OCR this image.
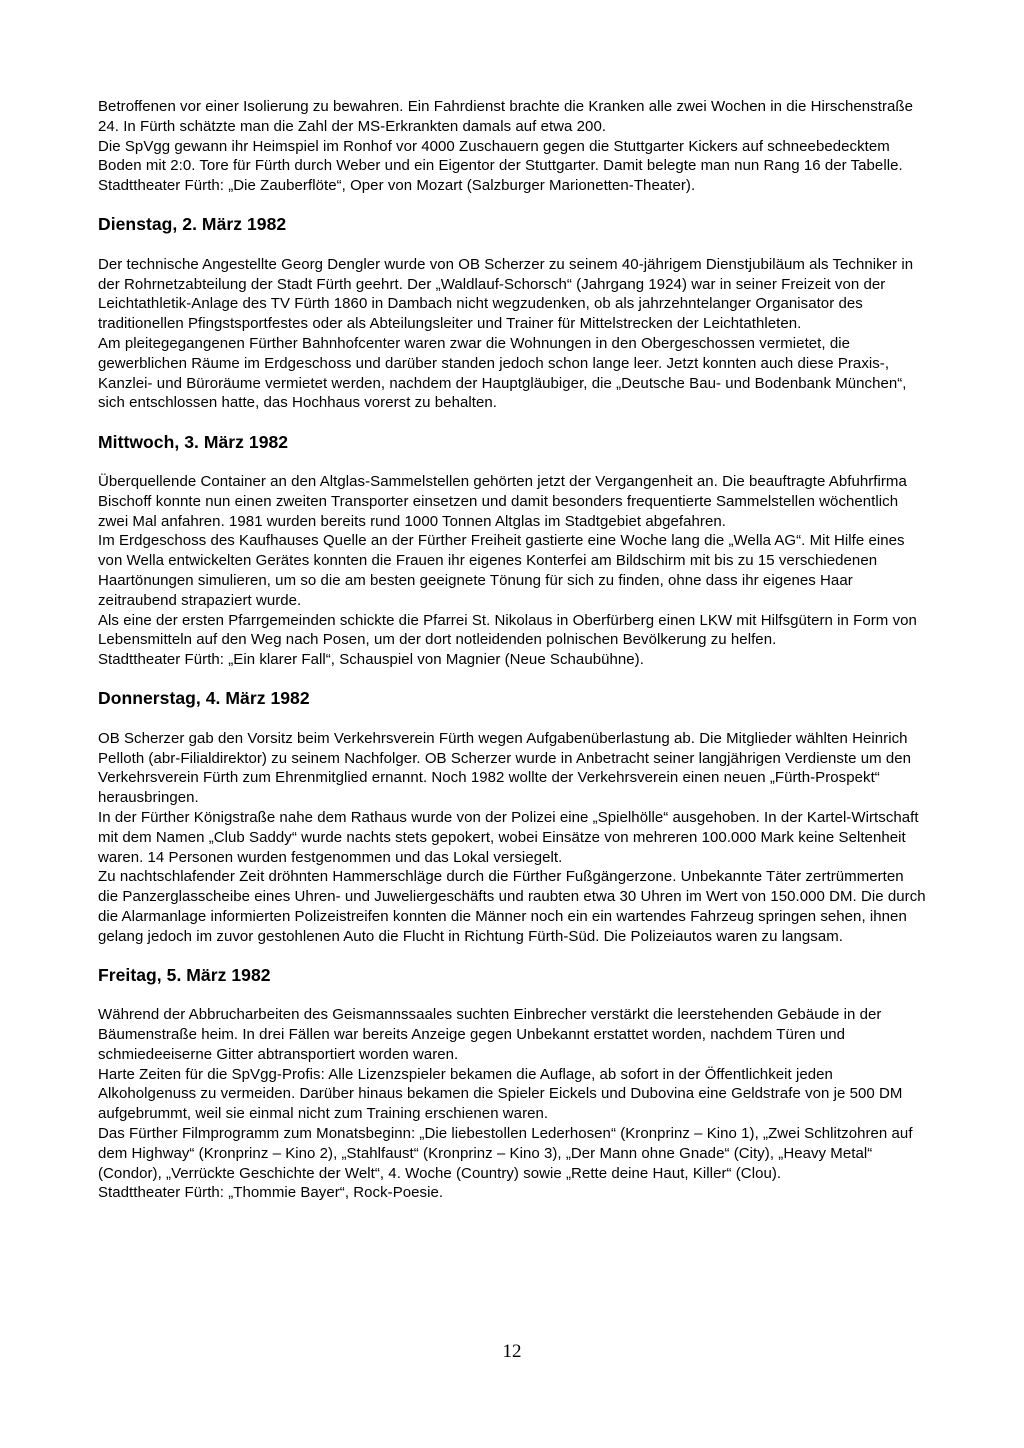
Betroffenen vor einer Isolierung zu bewahren. Ein Fahrdienst brachte die Kranken alle zwei Wochen in die Hirschenstraße 24. In Fürth schätzte man die Zahl der MS-Erkrankten damals auf etwa 200.

Die SpVgg gewann ihr Heimspiel im Ronhof vor 4000 Zuschauern gegen die Stuttgarter Kickers auf schneebedecktem Boden mit 2:0. Tore für Fürth durch Weber und ein Eigentor der Stuttgarter. Damit belegte man nun Rang 16 der Tabelle.

Stadttheater Fürth: „Die Zauberflöte“, Oper von Mozart (Salzburger Marionetten-Theater).

Dienstag, 2. März 1982

Der technische Angestellte Georg Dengler wurde von OB Scherzer zu seinem 40-jährigem Dienstjubiläum als Techniker in der Rohrnetzabteilung der Stadt Fürth geehrt. Der „Waldlauf-Schorsch“ (Jahrgang 1924) war in seiner Freizeit von der Leichtathletik-Anlage des TV Fürth 1860 in Dambach nicht wegzudenken, ob als jahrzehntelanger Organisator des traditionellen Pfingstsportfestes oder als Abteilungsleiter und Trainer für Mittelstrecken der Leichtathleten.

Am pleitegegangenen Fürther Bahnhofcenter waren zwar die Wohnungen in den Obergeschossen vermietet, die gewerblichen Räume im Erdgeschoss und darüber standen jedoch schon lange leer. Jetzt konnten auch diese Praxis-, Kanzlei- und Büroräume vermietet werden, nachdem der Hauptgläubiger, die „Deutsche Bau- und Bodenbank München“, sich entschlossen hatte, das Hochhaus vorerst zu behalten.

Mittwoch, 3. März 1982

Überquellende Container an den Altglas-Sammelstellen gehörten jetzt der Vergangenheit an. Die beauftragte Abfuhrfirma Bischoff konnte nun einen zweiten Transporter einsetzen und damit besonders frequentierte Sammelstellen wöchentlich zwei Mal anfahren. 1981 wurden bereits rund 1000 Tonnen Altglas im Stadtgebiet abgefahren.

Im Erdgeschoss des Kaufhauses Quelle an der Fürther Freiheit gastierte eine Woche lang die „Wella AG“. Mit Hilfe eines von Wella entwickelten Gerätes konnten die Frauen ihr eigenes Konterfei am Bildschirm mit bis zu 15 verschiedenen Haartönungen simulieren, um so die am besten geeignete Tönung für sich zu finden, ohne dass ihr eigenes Haar zeitraubend strapaziert wurde.

Als eine der ersten Pfarrgemeinden schickte die Pfarrei St. Nikolaus in Oberfürberg einen LKW mit Hilfsgütern in Form von Lebensmitteln auf den Weg nach Posen, um der dort notleidenden polnischen Bevölkerung zu helfen.

Stadttheater Fürth: „Ein klarer Fall“, Schauspiel von Magnier (Neue Schaubühne).

Donnerstag, 4. März 1982

OB Scherzer gab den Vorsitz beim Verkehrsverein Fürth wegen Aufgabenüberlastung ab. Die Mitglieder wählten Heinrich Pelloth (abr-Filialdirektor) zu seinem Nachfolger. OB Scherzer wurde in Anbetracht seiner langjährigen Verdienste um den Verkehrsverein Fürth zum Ehrenmitglied ernannt. Noch 1982 wollte der Verkehrsverein einen neuen „Fürth-Prospekt“ herausbringen.

In der Fürther Königstraße nahe dem Rathaus wurde von der Polizei eine „Spielhölle“ ausgehoben. In der Kartel-Wirtschaft mit dem Namen „Club Saddy“ wurde nachts stets gepokert, wobei Einsätze von mehreren 100.000 Mark keine Seltenheit waren. 14 Personen wurden festgenommen und das Lokal versiegelt.

Zu nachtschlafender Zeit dröhnten Hammerschläge durch die Fürther Fußgängerzone. Unbekannte Täter zertrümmerten die Panzerglasscheibe eines Uhren- und Juweliergeschäfts und raubten etwa 30 Uhren im Wert von 150.000 DM. Die durch die Alarmanlage informierten Polizeistreifen konnten die Männer noch ein ein wartendes Fahrzeug springen sehen, ihnen gelang jedoch im zuvor gestohlenen Auto die Flucht in Richtung Fürth-Süd. Die Polizeiautos waren zu langsam.

Freitag, 5. März 1982

Während der Abbrucharbeiten des Geismannssaales suchten Einbrecher verstärkt die leerstehenden Gebäude in der Bäumenstraße heim. In drei Fällen war bereits Anzeige gegen Unbekannt erstattet worden, nachdem Türen und schmiedeeiserne Gitter abtransportiert worden waren.

Harte Zeiten für die SpVgg-Profis: Alle Lizenzspieler bekamen die Auflage, ab sofort in der Öffentlichkeit jeden Alkoholgenuss zu vermeiden. Darüber hinaus bekamen die Spieler Eickels und Dubovina eine Geldstrafe von je 500 DM aufgebrummt, weil sie einmal nicht zum Training erschienen waren.

Das Fürther Filmprogramm zum Monatsbeginn: „Die liebestollen Lederhosen“ (Kronprinz – Kino 1), „Zwei Schlitzohren auf dem Highway“ (Kronprinz – Kino 2), „Stahlfaust“ (Kronprinz – Kino 3), „Der Mann ohne Gnade“ (City), „Heavy Metal“ (Condor), „Verrückte Geschichte der Welt“, 4. Woche (Country) sowie „Rette deine Haut, Killer“ (Clou).

Stadttheater Fürth: „Thommie Bayer“, Rock-Poesie.

12
